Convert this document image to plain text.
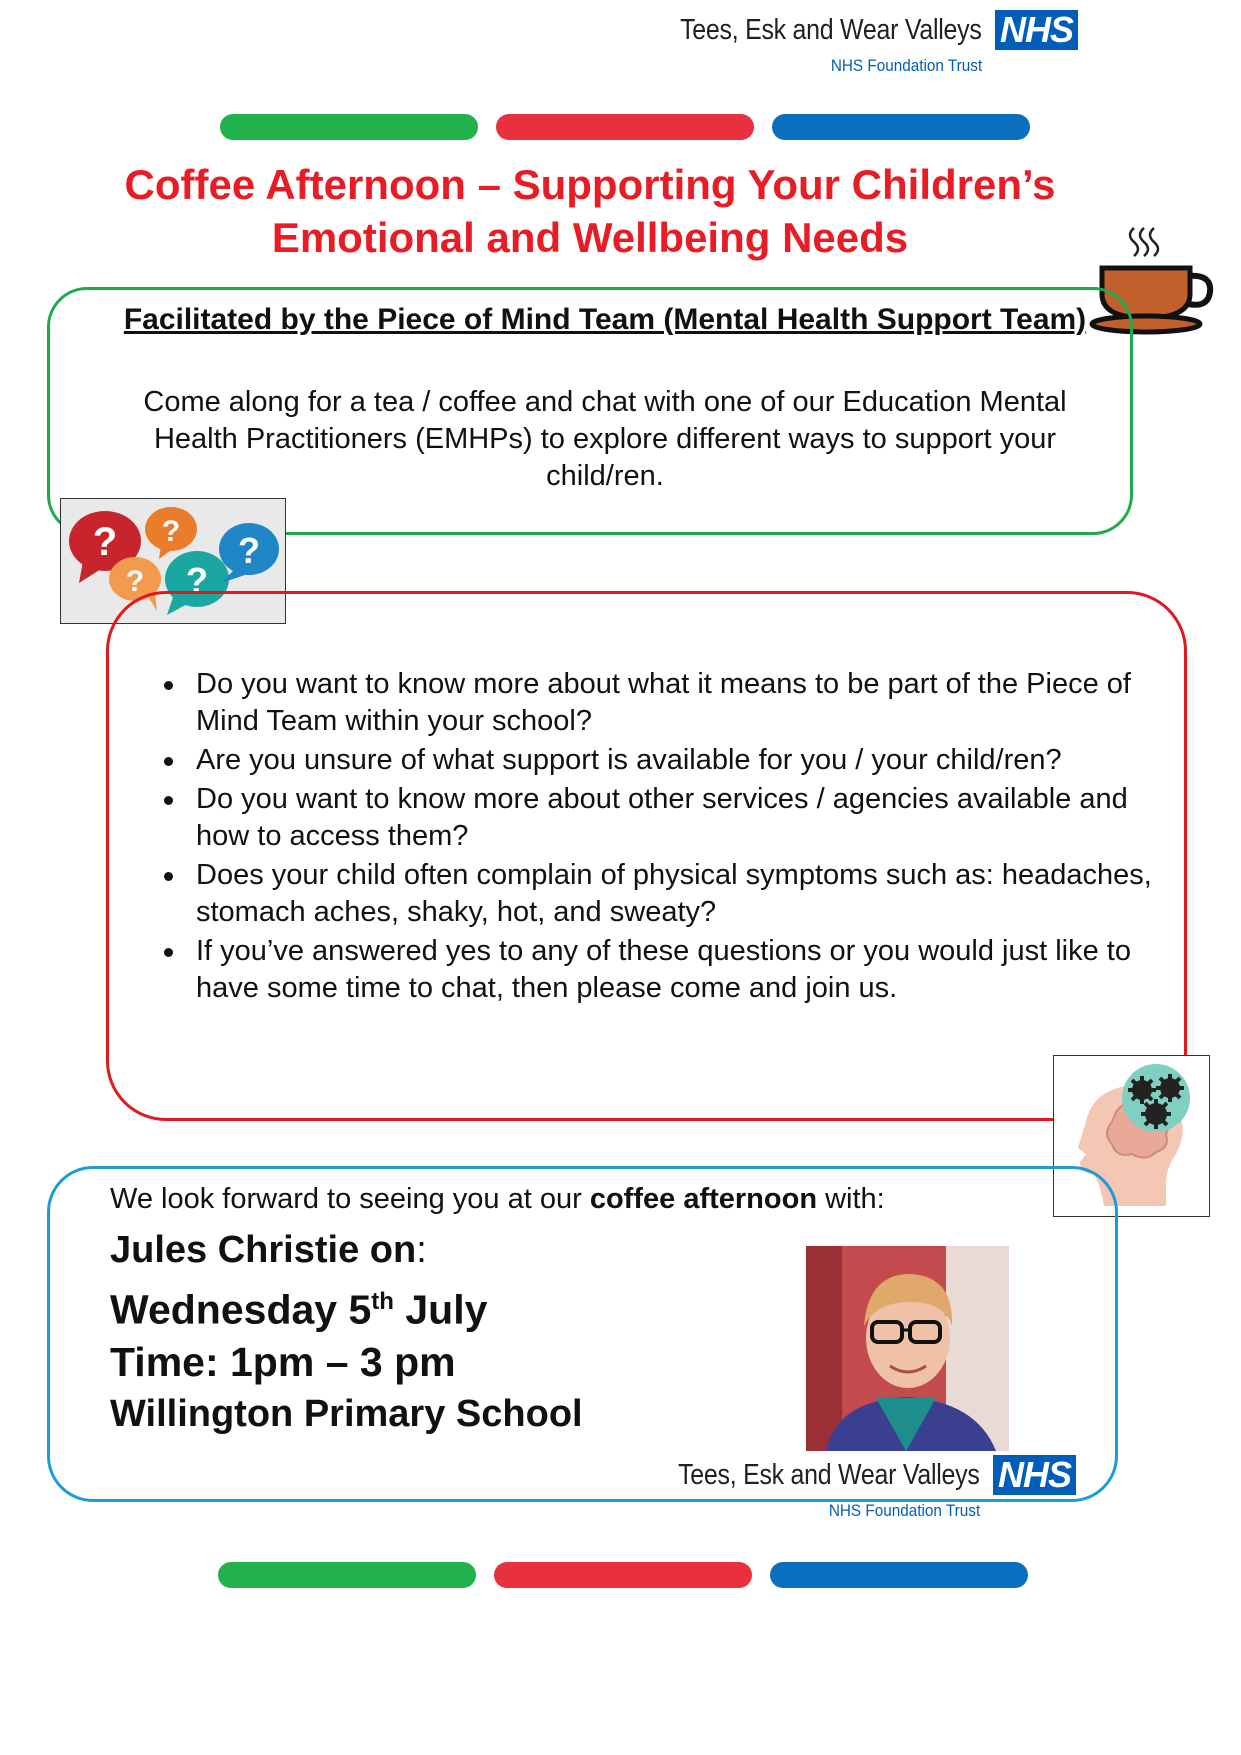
Tees, Esk and Wear Valleys NHS
NHS Foundation Trust
Coffee Afternoon – Supporting Your Children’s
Emotional and Wellbeing Needs
Facilitated by the Piece of Mind Team (Mental Health Support Team)
Come along for a tea / coffee and chat with one of our Education Mental Health Practitioners (EMHPs) to explore different ways to support your child/ren.
? ?
? ?
?
Do you want to know more about what it means to be part of the Piece of Mind Team within your school?
Are you unsure of what support is available for you / your child/ren?
Do you want to know more about other services / agencies available and how to access them?
Does your child often complain of physical symptoms such as: headaches, stomach aches, shaky, hot, and sweaty?
If you’ve answered yes to any of these questions or you would just like to have some time to chat, then please come and join us.
We look forward to seeing you at our coffee afternoon with:
Jules Christie on:
Wednesday 5th July
Time: 1pm – 3 pm
Willington Primary School
Tees, Esk and Wear Valleys NHS
NHS Foundation Trust
